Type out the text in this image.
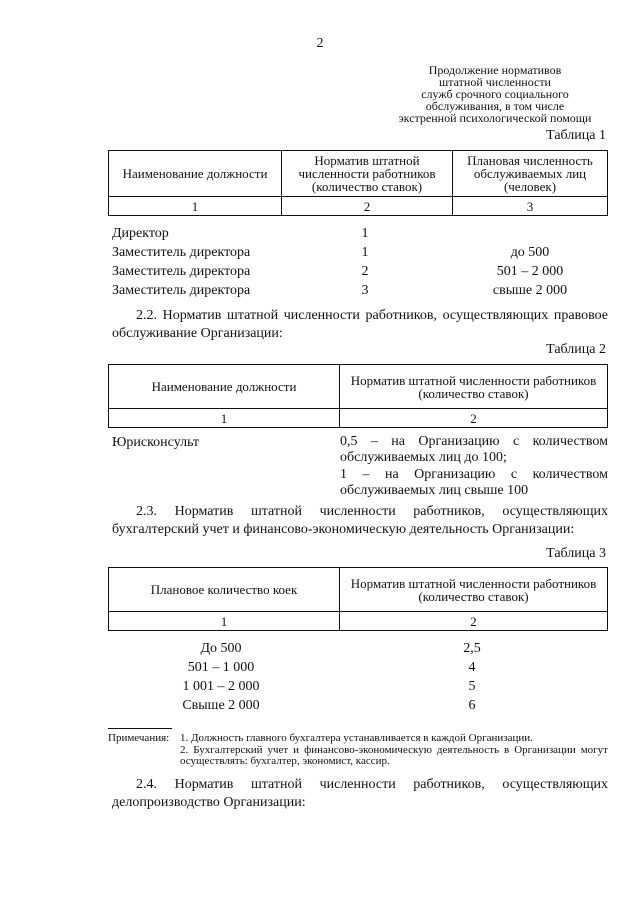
2
Продолжение нормативов
штатной численности
служб срочного социального
обслуживания, в том числе
экстренной психологической помощи
Таблица 1
Наименование должности	Норматив штатной численности работников (количество ставок)	Плановая численность обслуживаемых лиц (человек)
1	2	3
Директор	1
Заместитель директора	1	до 500
Заместитель директора	2	501 – 2 000
Заместитель директора	3	свыше 2 000
2.2. Норматив штатной численности работников, осуществляющих правовое обслуживание Организации:
Таблица 2
Наименование должности	Норматив штатной численности работников (количество ставок)
1	2
Юрисконсульт	0,5 – на Организацию с количеством обслуживаемых лиц до 100;
1 – на Организацию с количеством обслуживаемых лиц свыше 100
2.3. Норматив штатной численности работников, осуществляющих бухгалтерский учет и финансово-экономическую деятельность Организации:
Таблица 3
Плановое количество коек	Норматив штатной численности работников (количество ставок)
1	2
До 500	2,5
501 – 1 000	4
1 001 – 2 000	5
Свыше 2 000	6
Примечания: 1. Должность главного бухгалтера устанавливается в каждой Организации.
2. Бухгалтерский учет и финансово-экономическую деятельность в Организации могут осуществлять: бухгалтер, экономист, кассир.
2.4. Норматив штатной численности работников, осуществляющих делопроизводство Организации:
